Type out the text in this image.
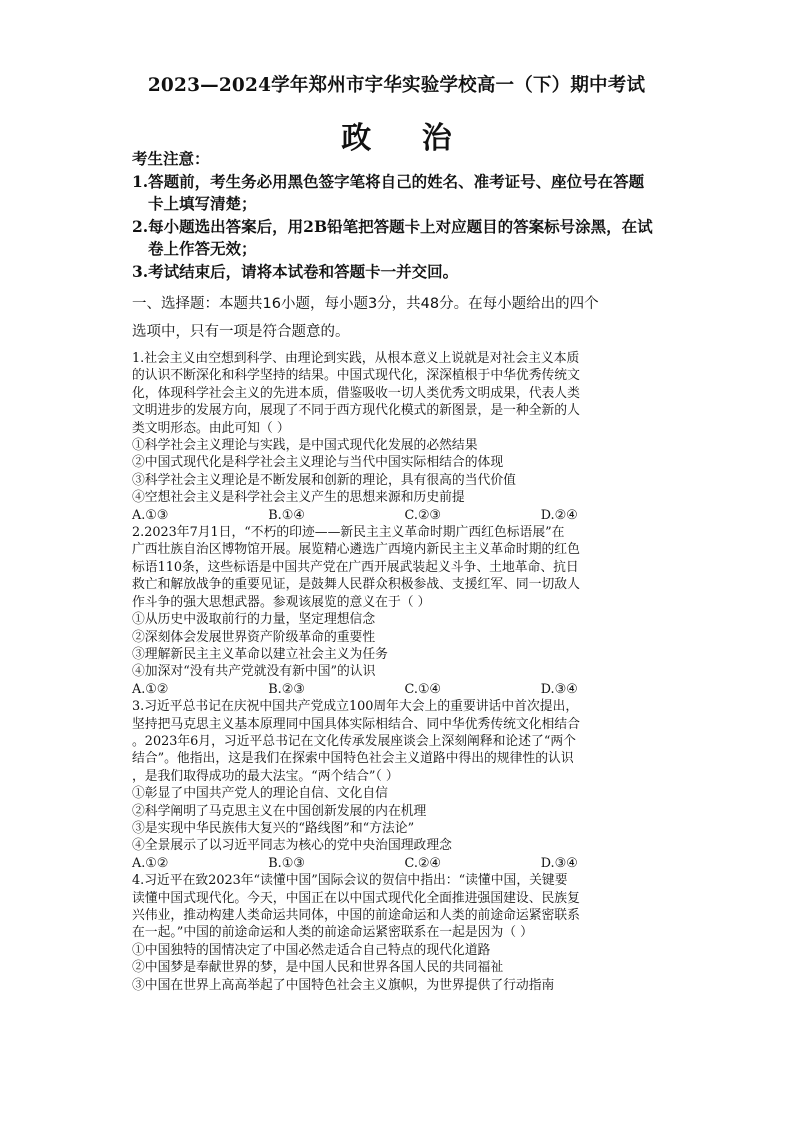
2023—2024学年郑州市宇华实验学校高一（下）期中考试
政 治
考生注意：
1.答题前，考生务必用黑色签字笔将自己的姓名、准考证号、座位号在答题
卡上填写清楚；
2.每小题选出答案后，用2B铅笔把答题卡上对应题目的答案标号涂黑，在试
卷上作答无效；
3.考试结束后，请将本试卷和答题卡一并交回。
一、选择题：本题共16小题，每小题3分，共48分。在每小题给出的四个
选项中，只有一项是符合题意的。
1.社会主义由空想到科学、由理论到实践，从根本意义上说就是对社会主义本质
的认识不断深化和科学坚持的结果。中国式现代化，深深植根于中华优秀传统文
化，体现科学社会主义的先进本质，借鉴吸收一切人类优秀文明成果，代表人类
文明进步的发展方向，展现了不同于西方现代化模式的新图景，是一种全新的人
类文明形态。由此可知（ ）
①科学社会主义理论与实践，是中国式现代化发展的必然结果
②中国式现代化是科学社会主义理论与当代中国实际相结合的体现
③科学社会主义理论是不断发展和创新的理论，具有很高的当代价值
④空想社会主义是科学社会主义产生的思想来源和历史前提
A.①③	B.①④	C.②③	D.②④
2.2023年7月1日，“不朽的印迹——新民主主义革命时期广西红色标语展”在
广西壮族自治区博物馆开展。展览精心遴选广西境内新民主主义革命时期的红色
标语110条，这些标语是中国共产党在广西开展武装起义斗争、土地革命、抗日
救亡和解放战争的重要见证，是鼓舞人民群众积极参战、支援红军、同一切敌人
作斗争的强大思想武器。参观该展览的意义在于（ ）
①从历史中汲取前行的力量，坚定理想信念
②深刻体会发展世界资产阶级革命的重要性
③理解新民主主义革命以建立社会主义为任务
④加深对“没有共产党就没有新中国”的认识
A.①②	B.②③	C.①④	D.③④
3.习近平总书记在庆祝中国共产党成立100周年大会上的重要讲话中首次提出，
坚持把马克思主义基本原理同中国具体实际相结合、同中华优秀传统文化相结合
。2023年6月，习近平总书记在文化传承发展座谈会上深刻阐释和论述了“两个
结合”。他指出，这是我们在探索中国特色社会主义道路中得出的规律性的认识
，是我们取得成功的最大法宝。“两个结合”（ ）
①彰显了中国共产党人的理论自信、文化自信
②科学阐明了马克思主义在中国创新发展的内在机理
③是实现中华民族伟大复兴的“路线图”和“方法论”
④全景展示了以习近平同志为核心的党中央治国理政理念
A.①②	B.①③	C.②④	D.③④
4.习近平在致2023年“读懂中国”国际会议的贺信中指出：“读懂中国，关键要
读懂中国式现代化。今天，中国正在以中国式现代化全面推进强国建设、民族复
兴伟业，推动构建人类命运共同体，中国的前途命运和人类的前途命运紧密联系
在一起。”中国的前途命运和人类的前途命运紧密联系在一起是因为（ ）
①中国独特的国情决定了中国必然走适合自己特点的现代化道路
②中国梦是奉献世界的梦，是中国人民和世界各国人民的共同福祉
③中国在世界上高高举起了中国特色社会主义旗帜，为世界提供了行动指南
